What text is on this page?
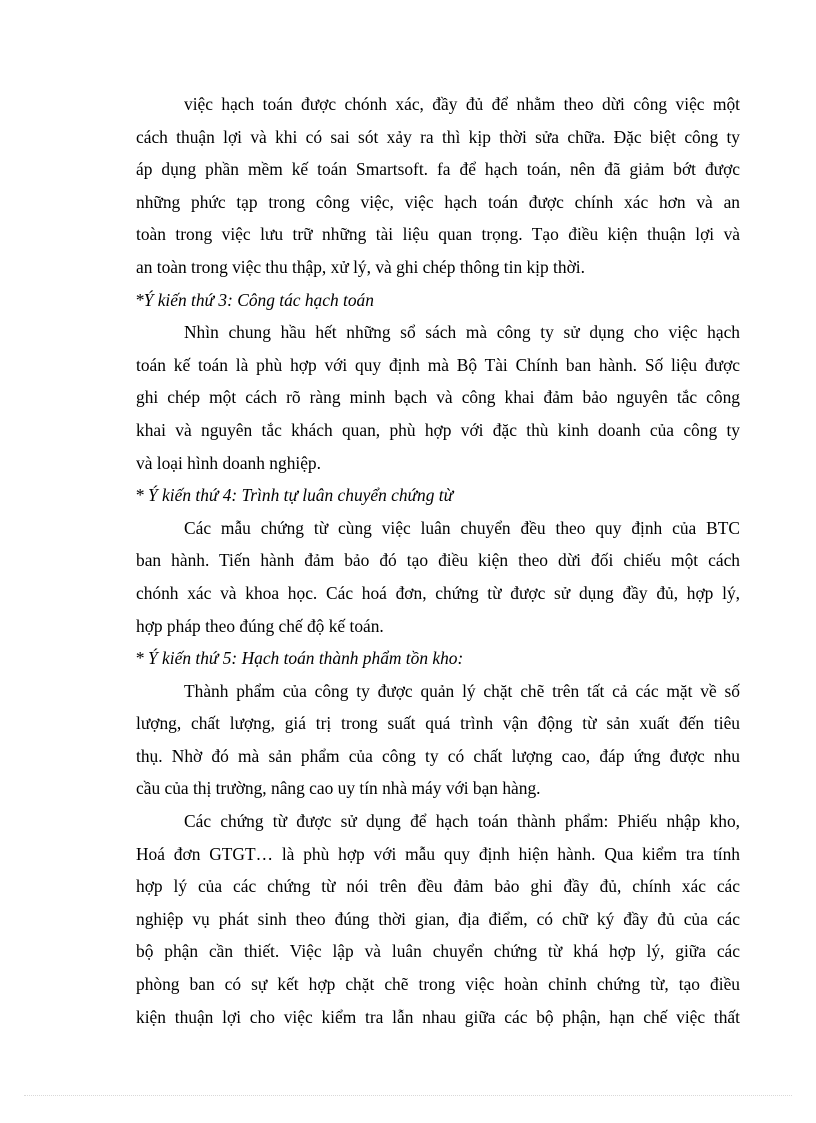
việc hạch toán được chónh xác, đầy đủ để nhằm theo dừi công việc một
cách thuận lợi và khi có sai sót xảy ra thì kịp thời sửa chữa. Đặc biệt công ty
áp dụng phần mềm kế toán Smartsoft. fa để hạch toán, nên đã giảm bớt được
những phức tạp trong công việc, việc hạch toán được chính xác hơn và an
toàn trong việc lưu trữ những tài liệu quan trọng. Tạo điều kiện thuận lợi và
an toàn trong việc thu thập, xử lý, và ghi chép thông tin kịp thời.
*Ý kiến thứ 3: Công tác hạch toán
Nhìn chung hầu hết những sổ sách mà công ty sử dụng cho việc hạch
toán kế toán là phù hợp với quy định mà Bộ Tài Chính ban hành. Số liệu được
ghi chép một cách rõ ràng minh bạch và công khai đảm bảo nguyên tắc công
khai và nguyên tắc khách quan, phù hợp với đặc thù kinh doanh của công ty
và loại hình doanh nghiệp.
* Ý kiến thứ 4: Trình tự luân chuyển chứng từ
Các mẫu chứng từ cùng việc luân chuyển đều theo quy định của BTC
ban hành. Tiến hành đảm bảo đó tạo điều kiện theo dừi đối chiếu một cách
chónh xác và khoa học. Các hoá đơn, chứng từ được sử dụng đầy đủ, hợp lý,
hợp pháp theo đúng chế độ kế toán.
* Ý kiến thứ 5: Hạch toán thành phẩm tồn kho:
Thành phẩm của công ty được quản lý chặt chẽ trên tất cả các mặt về số
lượng, chất lượng, giá trị trong suất quá trình vận động từ sản xuất đến tiêu
thụ. Nhờ đó mà sản phẩm của công ty có chất lượng cao, đáp ứng được nhu
cầu của thị trường, nâng cao uy tín nhà máy với bạn hàng.
Các chứng từ được sử dụng để hạch toán thành phẩm: Phiếu nhập kho,
Hoá đơn GTGT… là phù hợp với mẫu quy định hiện hành. Qua kiểm tra tính
hợp lý của các chứng từ nói trên đều đảm bảo ghi đầy đủ, chính xác các
nghiệp vụ phát sinh theo đúng thời gian, địa điểm, có chữ ký đầy đủ của các
bộ phận cần thiết. Việc lập và luân chuyển chứng từ khá hợp lý, giữa các
phòng ban có sự kết hợp chặt chẽ trong việc hoàn chỉnh chứng từ, tạo điều
kiện thuận lợi cho việc kiểm tra lẫn nhau giữa các bộ phận, hạn chế việc thất
